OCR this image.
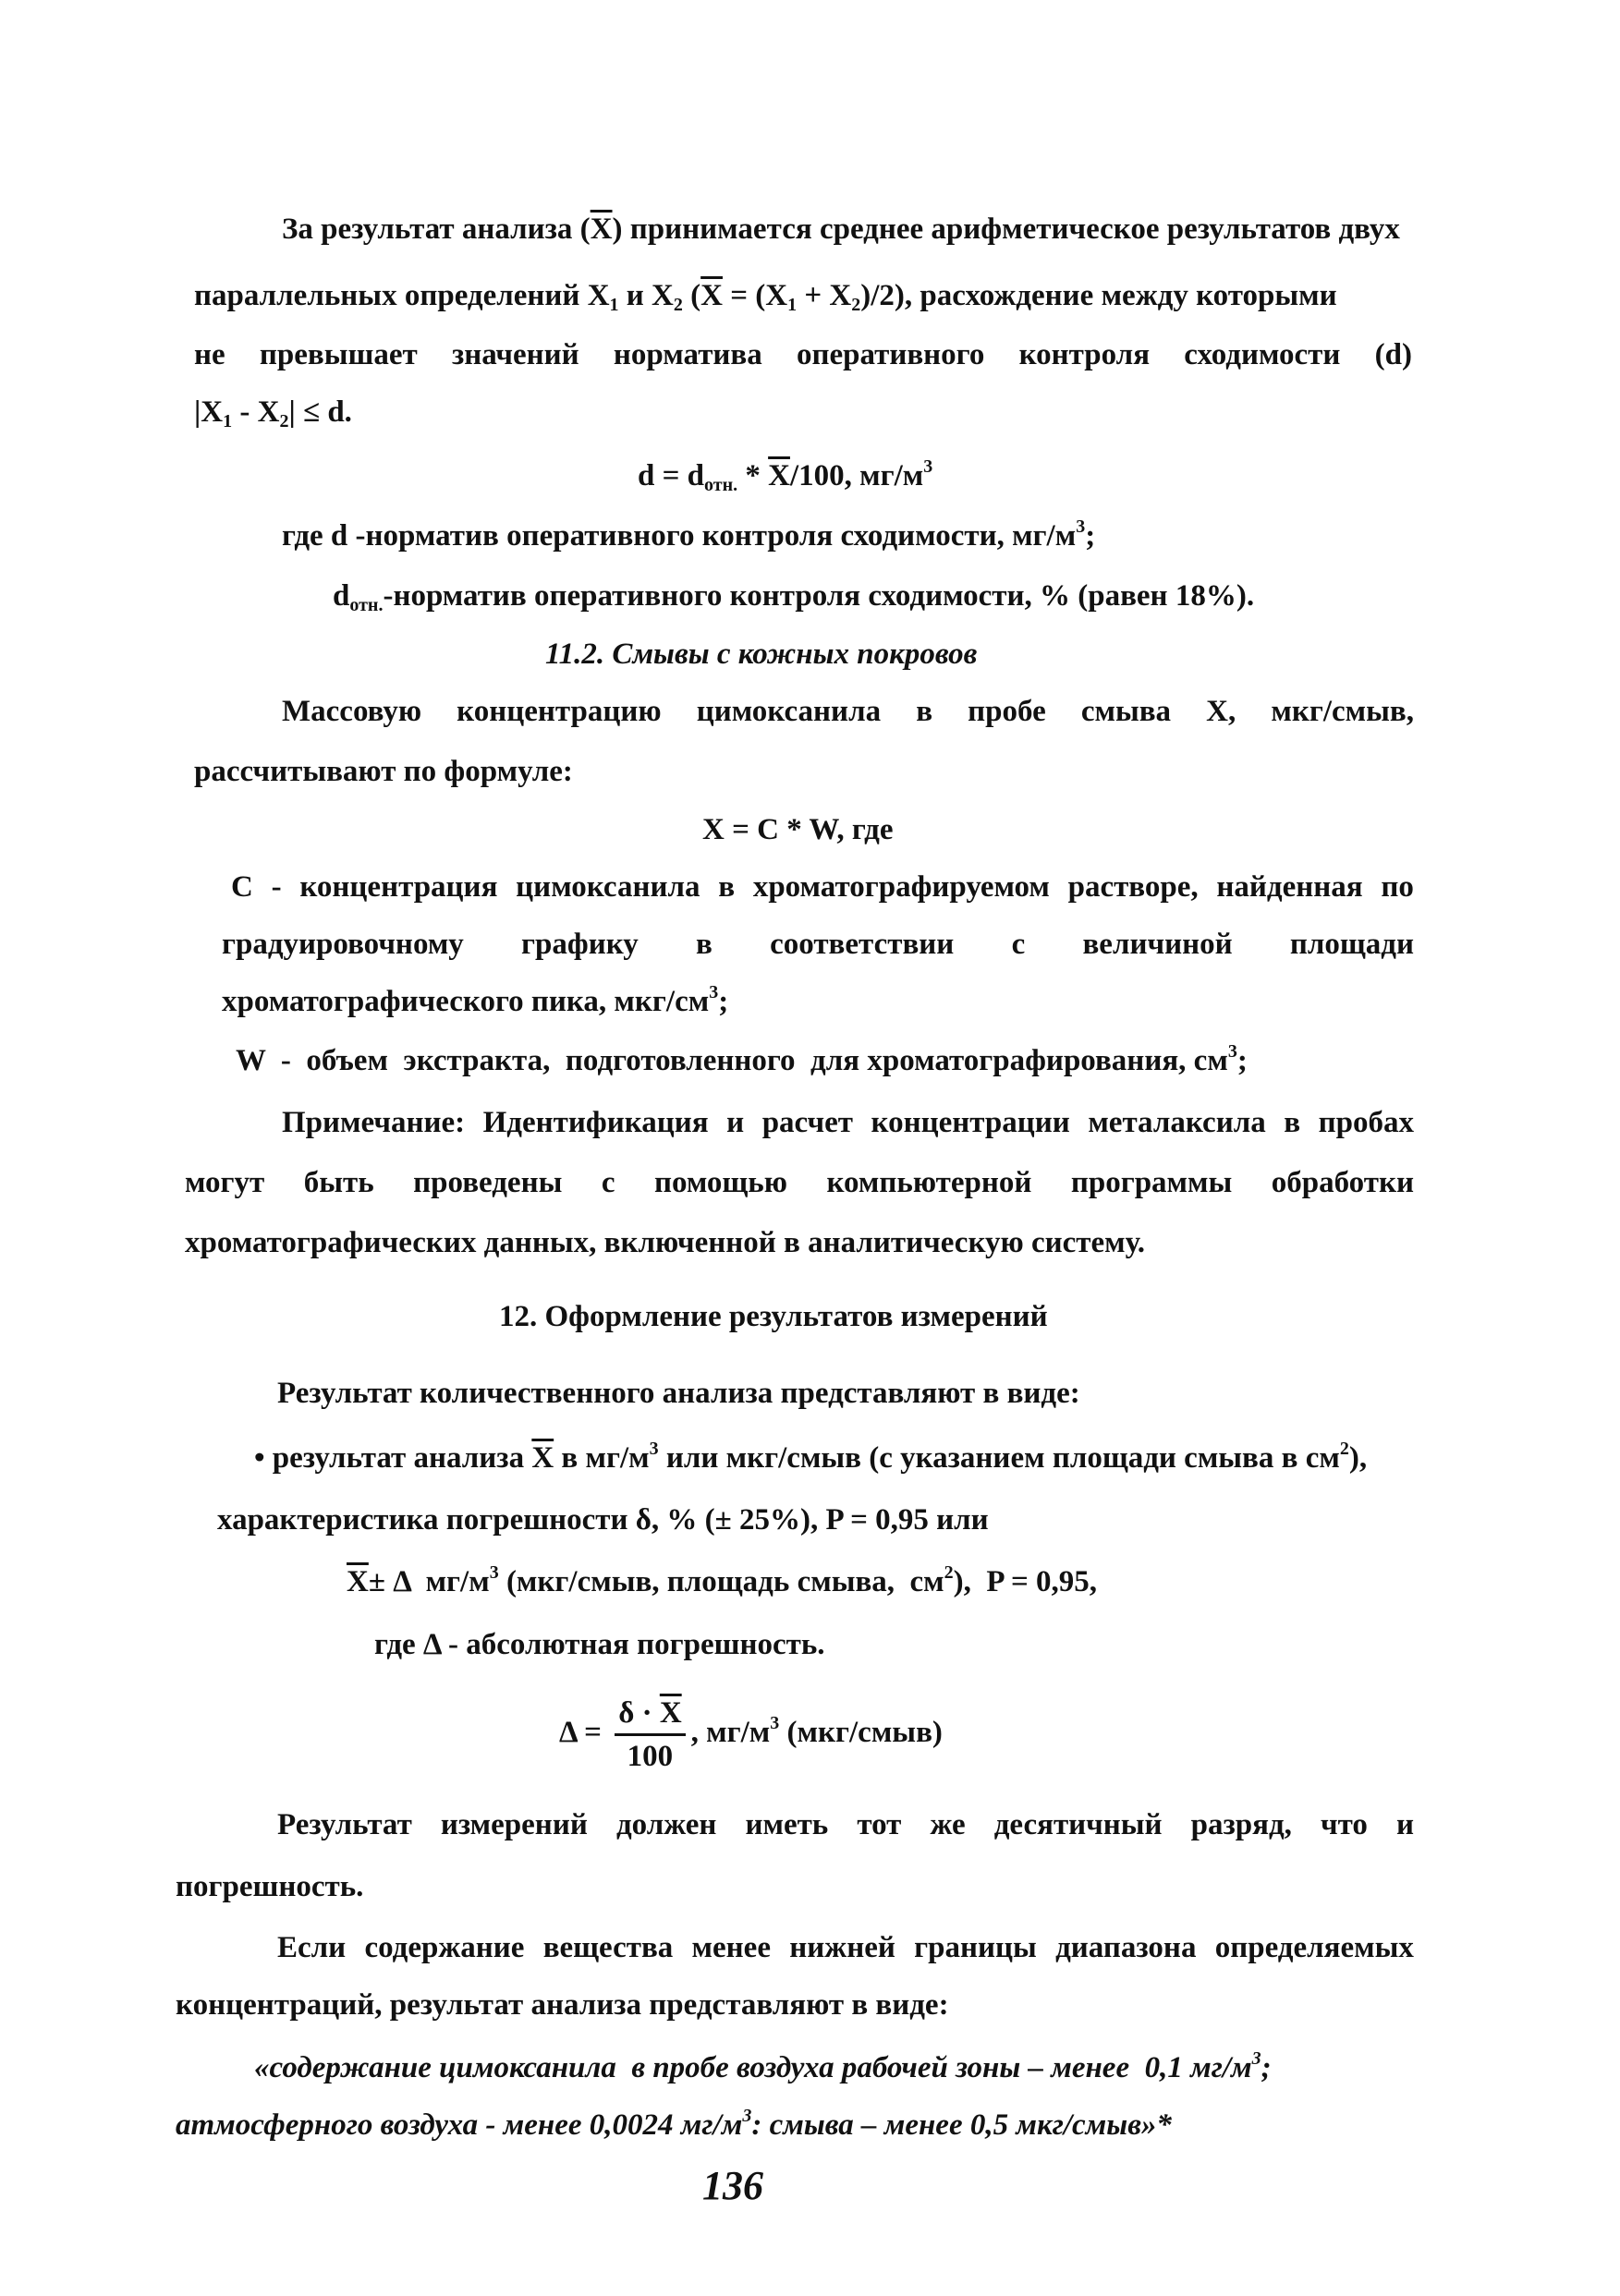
За результат анализа $(\overline{X})$ принимается среднее арифметическое результатов двух
параллельных определений $X_1$ и $X_2$ $(\overline{X} = (X_1 + X_2)/2)$, расхождение между которыми
не превышает значений норматива оперативного контроля сходимости (d)
$|X_1 - X_2| \le d$.
$d = d_{отн.} * \overline{X}/100$, $мг/м^3$
где d -норматив оперативного контроля сходимости, $мг/м^3$;
$d_{отн.}$-норматив оперативного контроля сходимости, % (равен 18%).
11.2. Смывы с кожных покровов
Массовую концентрацию цимоксанила в пробе смыва X, мкг/смыв,
рассчитывают по формуле:
X = C * W, где
C - концентрация цимоксанила в хроматографируемом растворе, найденная по
градуировочному графику в соответствии с величиной площади
хроматографического пика, мкг/$см^3$;
W  -  объем  экстракта,  подготовленного  для хроматографирования, $см^3$;
Примечание: Идентификация и расчет концентрации металаксила в пробах
могут быть проведены с помощью компьютерной программы обработки
хроматографических данных, включенной в аналитическую систему.
12. Оформление результатов измерений
Результат количественного анализа представляют в виде:
• результат анализа $\overline{X}$ в $мг/м^3$ или мкг/смыв (с указанием площади смыва в $см^2$),
характеристика погрешности δ, % (± 25%), P = 0,95 или
$\overline{X}\pm \Delta$  $мг/м^3$ (мкг/смыв, площадь смыва,  $см^2$),  P = 0,95,
где Δ - абсолютная погрешность.
$\Delta = \frac{\delta \cdot \overline{X}}{100}$ , $мг/м^3$ (мкг/смыв)
Результат измерений должен иметь тот же десятичный разряд, что и
погрешность.
Если содержание вещества менее нижней границы диапазона определяемых
концентраций, результат анализа представляют в виде:
«содержание цимоксанила  в пробе воздуха рабочей зоны – менее  0,1 $мг/м^3$;
атмосферного воздуха - менее 0,0024 $мг/м^3$: смыва – менее 0,5 мкг/смыв»*
136
